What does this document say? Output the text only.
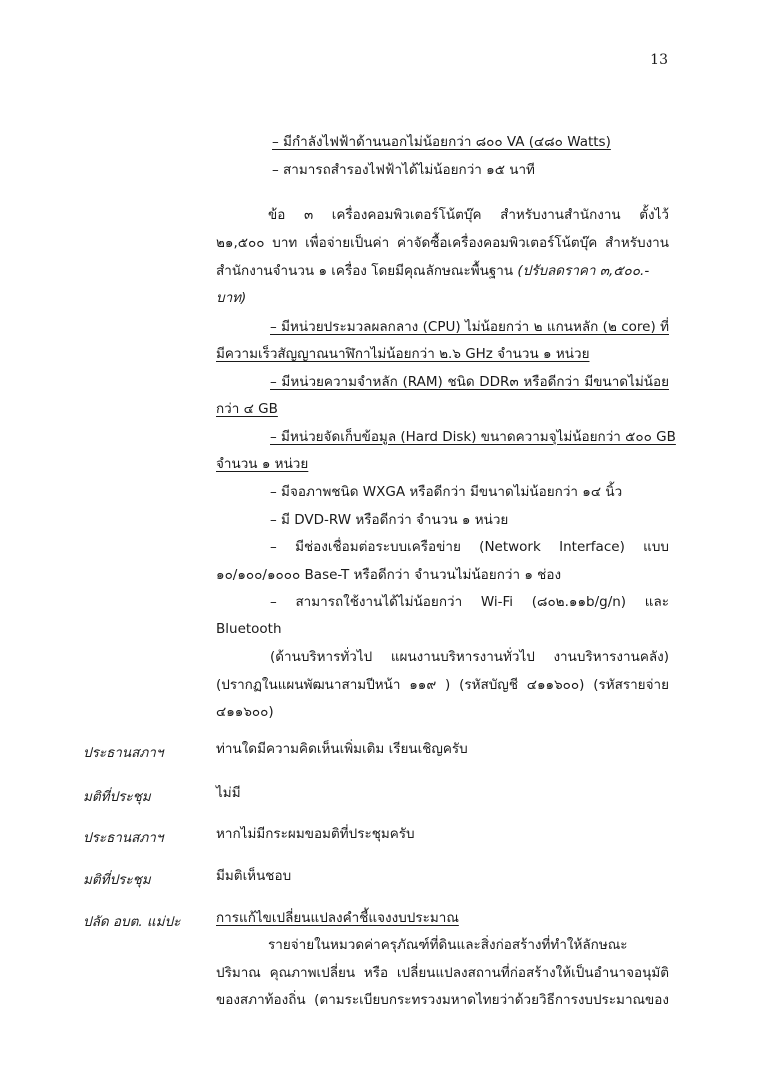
13
– มีกำลังไฟฟ้าด้านนอกไม่น้อยกว่า ๘๐๐ VA (๔๘๐ Watts)
– สามารถสำรองไฟฟ้าได้ไม่น้อยกว่า ๑๕ นาที
ข้อ ๓ เครื่องคอมพิวเตอร์โน้ตบุ๊ค สำหรับงานสำนักงาน ตั้งไว้
๒๑,๕๐๐ บาท เพื่อจ่ายเป็นค่า ค่าจัดซื้อเครื่องคอมพิวเตอร์โน้ตบุ๊ค สำหรับงาน
สำนักงานจำนวน ๑ เครื่อง โดยมีคุณลักษณะพื้นฐาน (ปรับลดราคา ๓,๕๐๐.-
บาท)
– มีหน่วยประมวลผลกลาง (CPU) ไม่น้อยกว่า ๒ แกนหลัก (๒ core) ที่
มีความเร็วสัญญาณนาฬิกาไม่น้อยกว่า ๒.๖ GHz จำนวน ๑ หน่วย
– มีหน่วยความจำหลัก (RAM) ชนิด DDR๓ หรือดีกว่า มีขนาดไม่น้อย
กว่า ๔ GB
– มีหน่วยจัดเก็บข้อมูล (Hard Disk) ขนาดความจุไม่น้อยกว่า ๕๐๐ GB
จำนวน ๑ หน่วย
– มีจอภาพชนิด WXGA หรือดีกว่า มีขนาดไม่น้อยกว่า ๑๔ นิ้ว
– มี DVD-RW หรือดีกว่า จำนวน ๑ หน่วย
– มีช่องเชื่อมต่อระบบเครือข่าย (Network Interface) แบบ
๑๐/๑๐๐/๑๐๐๐ Base-T หรือดีกว่า จำนวนไม่น้อยกว่า ๑ ช่อง
– สามารถใช้งานได้ไม่น้อยกว่า Wi-Fi (๘๐๒.๑๑b/g/n) และ
Bluetooth
(ด้านบริหารทั่วไป แผนงานบริหารงานทั่วไป งานบริหารงานคลัง)
(ปรากฏในแผนพัฒนาสามปีหน้า ๑๑๙ ) (รหัสบัญชี ๔๑๑๖๐๐) (รหัสรายจ่าย
๔๑๑๖๐๐)
ประธานสภาฯ	ท่านใดมีความคิดเห็นเพิ่มเติม เรียนเชิญครับ
มติที่ประชุม	ไม่มี
ประธานสภาฯ	หากไม่มีกระผมขอมติที่ประชุมครับ
มติที่ประชุม	มีมติเห็นชอบ
ปลัด อบต. แม่ปะ	การแก้ไขเปลี่ยนแปลงคำชี้แจงงบประมาณ
รายจ่ายในหมวดค่าครุภัณฑ์ที่ดินและสิ่งก่อสร้างที่ทำให้ลักษณะ
ปริมาณ คุณภาพเปลี่ยน หรือ เปลี่ยนแปลงสถานที่ก่อสร้างให้เป็นอำนาจอนุมัติ
ของสภาท้องถิ่น (ตามระเบียบกระทรวงมหาดไทยว่าด้วยวิธีการงบประมาณของ
